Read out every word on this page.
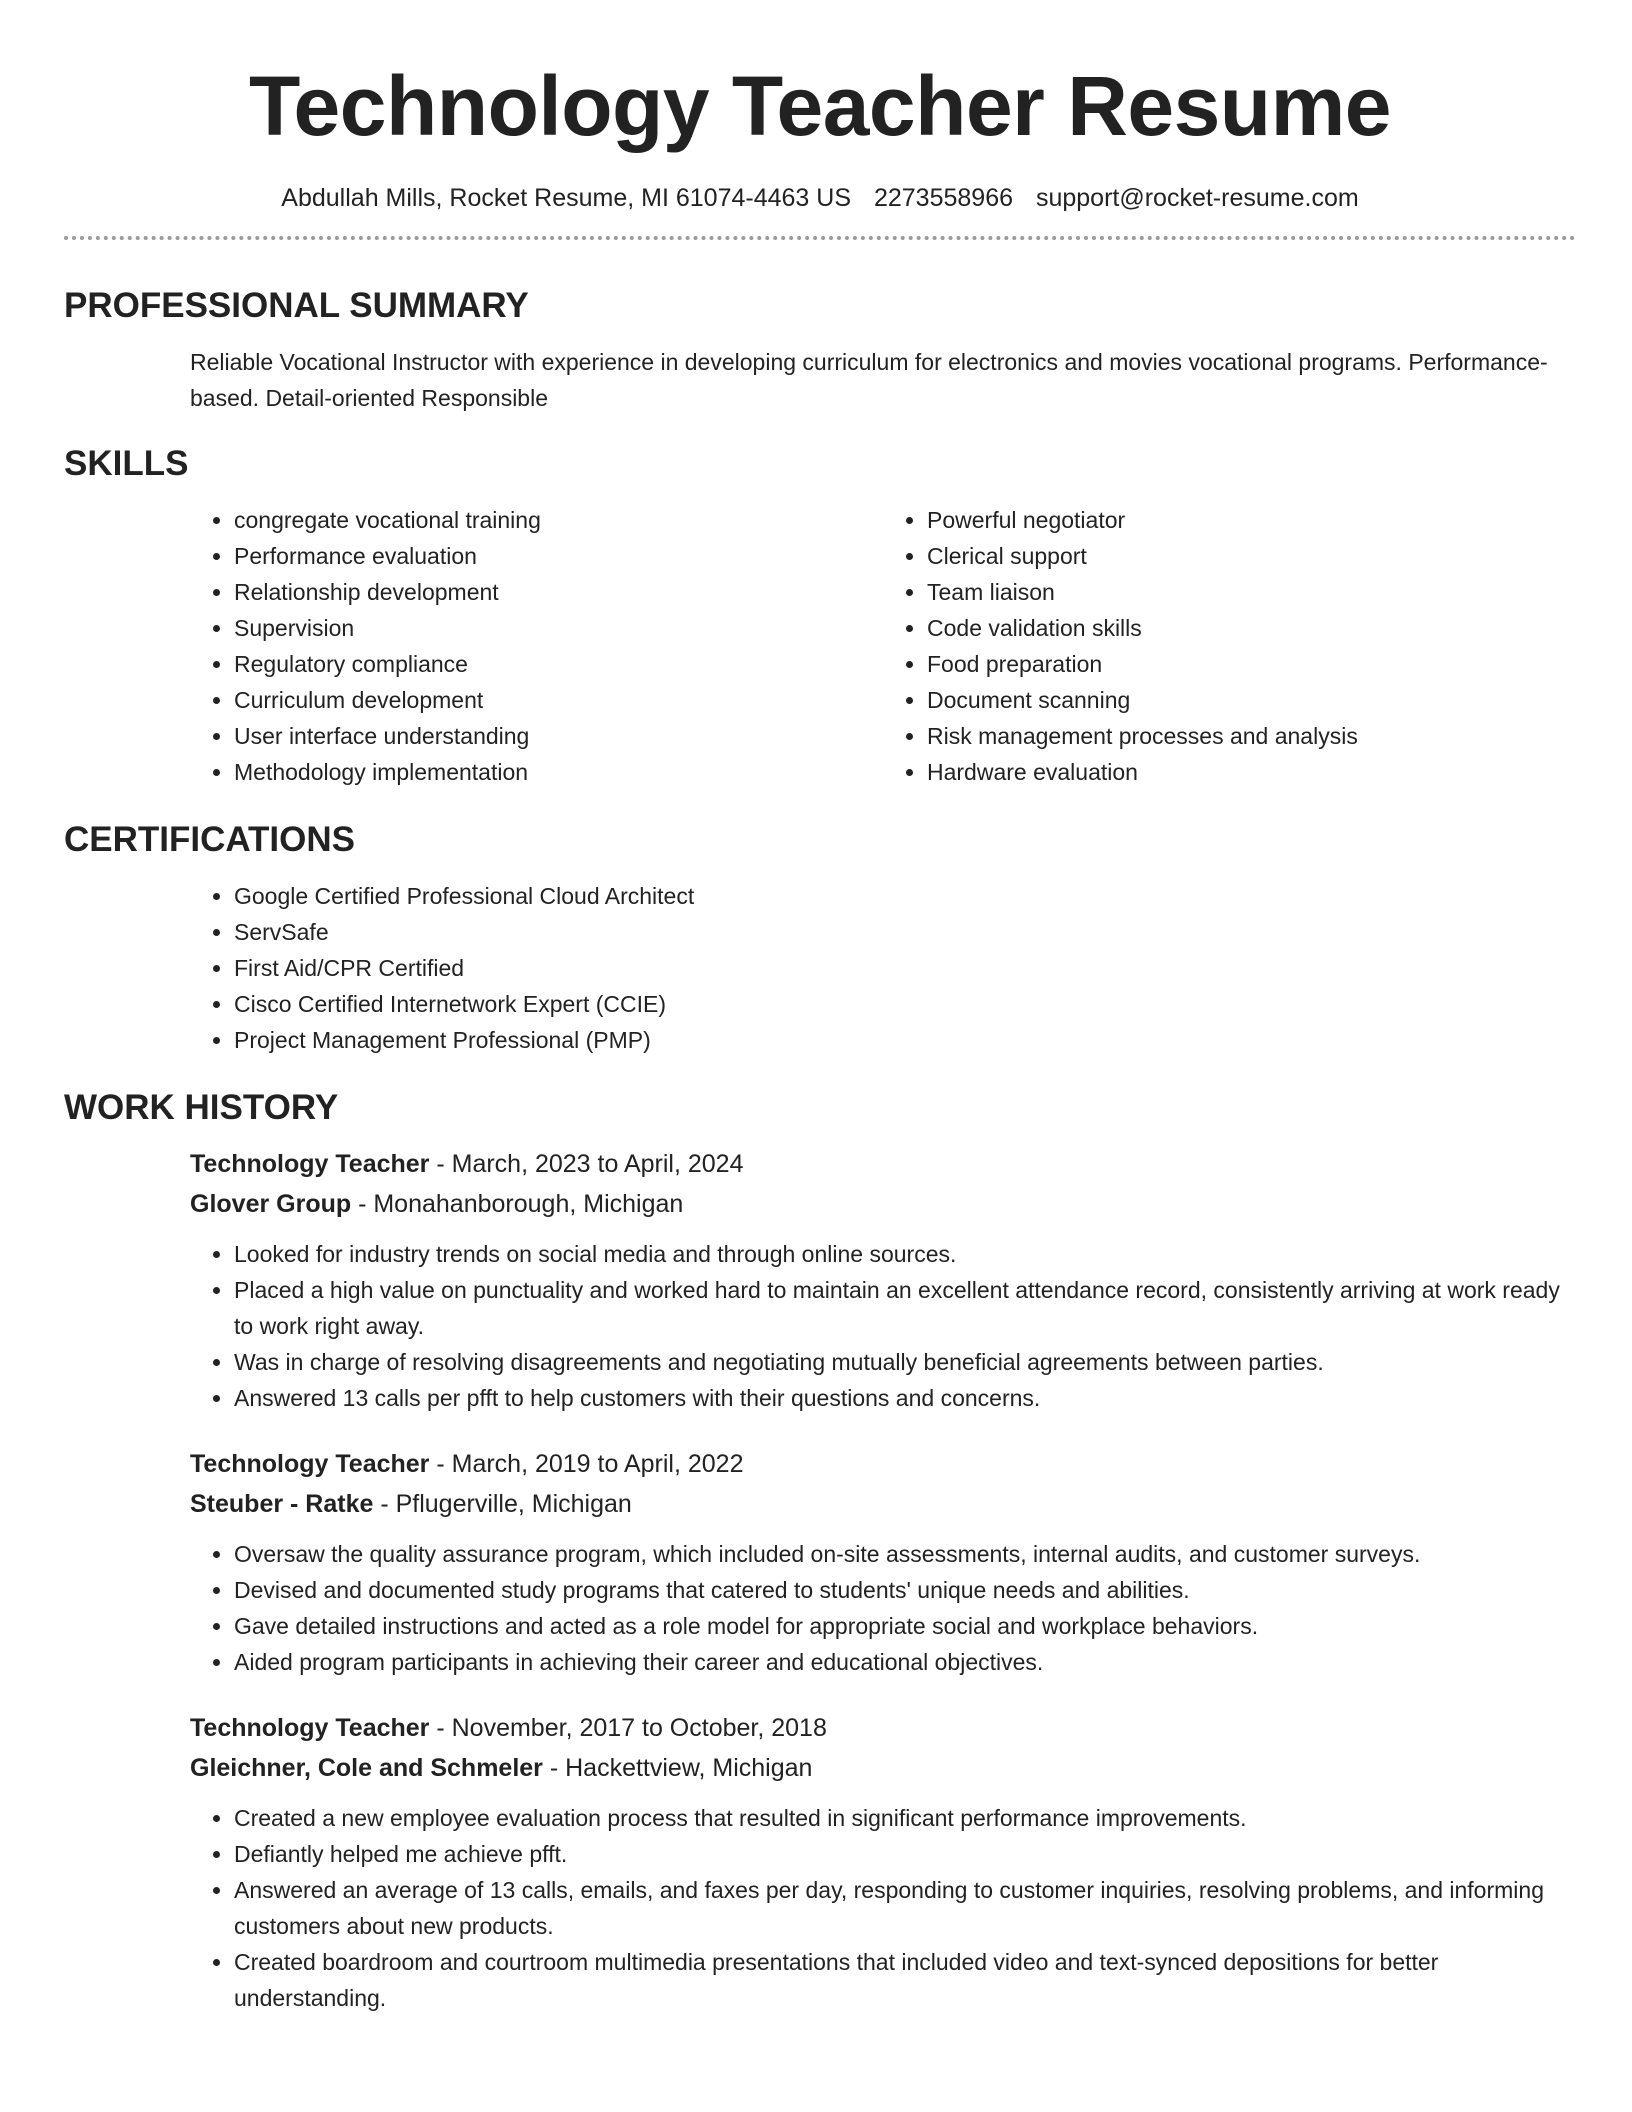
Technology Teacher Resume
Abdullah Mills, Rocket Resume, MI 61074-4463 US 2273558966 support@rocket-resume.com
PROFESSIONAL SUMMARY
Reliable Vocational Instructor with experience in developing curriculum for electronics and movies vocational programs. Performance-based. Detail-oriented Responsible
SKILLS
• congregate vocational training
• Performance evaluation
• Relationship development
• Supervision
• Regulatory compliance
• Curriculum development
• User interface understanding
• Methodology implementation
• Powerful negotiator
• Clerical support
• Team liaison
• Code validation skills
• Food preparation
• Document scanning
• Risk management processes and analysis
• Hardware evaluation
CERTIFICATIONS
• Google Certified Professional Cloud Architect
• ServSafe
• First Aid/CPR Certified
• Cisco Certified Internetwork Expert (CCIE)
• Project Management Professional (PMP)
WORK HISTORY
Technology Teacher - March, 2023 to April, 2024
Glover Group - Monahanborough, Michigan
• Looked for industry trends on social media and through online sources.
• Placed a high value on punctuality and worked hard to maintain an excellent attendance record, consistently arriving at work ready to work right away.
• Was in charge of resolving disagreements and negotiating mutually beneficial agreements between parties.
• Answered 13 calls per pfft to help customers with their questions and concerns.
Technology Teacher - March, 2019 to April, 2022
Steuber - Ratke - Pflugerville, Michigan
• Oversaw the quality assurance program, which included on-site assessments, internal audits, and customer surveys.
• Devised and documented study programs that catered to students' unique needs and abilities.
• Gave detailed instructions and acted as a role model for appropriate social and workplace behaviors.
• Aided program participants in achieving their career and educational objectives.
Technology Teacher - November, 2017 to October, 2018
Gleichner, Cole and Schmeler - Hackettview, Michigan
• Created a new employee evaluation process that resulted in significant performance improvements.
• Defiantly helped me achieve pfft.
• Answered an average of 13 calls, emails, and faxes per day, responding to customer inquiries, resolving problems, and informing customers about new products.
• Created boardroom and courtroom multimedia presentations that included video and text-synced depositions for better understanding.
